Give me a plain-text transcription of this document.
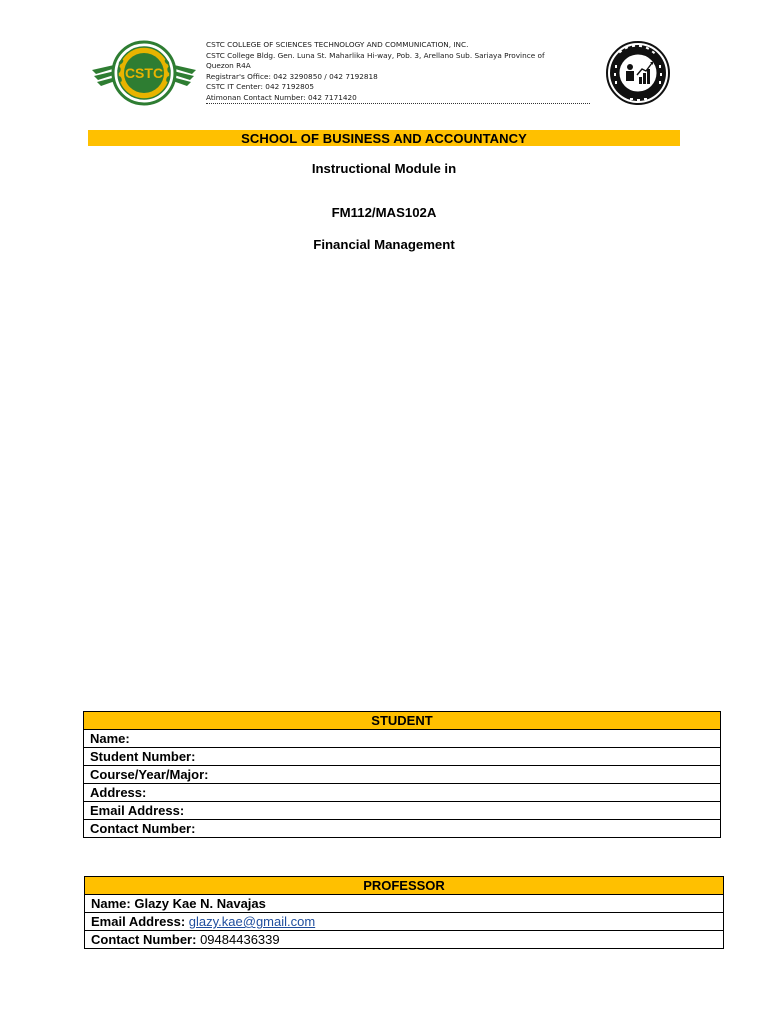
CSTC
CSTC COLLEGE OF SCIENCES TECHNOLOGY AND COMMUNICATION, INC.
CSTC College Bldg. Gen. Luna St. Maharlika Hi-way, Pob. 3, Arellano Sub. Sariaya Province of
Quezon R4A
Registrar's Office: 042 3290850 / 042 7192818
CSTC IT Center: 042 7192805
Atimonan Contact Number: 042 7171420
SCHOOL OF BUSINESS AND ACCOUNTANCY
Instructional Module in
FM112/MAS102A
Financial Management
STUDENT
Name:
Student Number:
Course/Year/Major:
Address:
Email Address:
Contact Number:
PROFESSOR
Name: Glazy Kae N. Navajas
Email Address: glazy.kae@gmail.com
Contact Number: 09484436339
